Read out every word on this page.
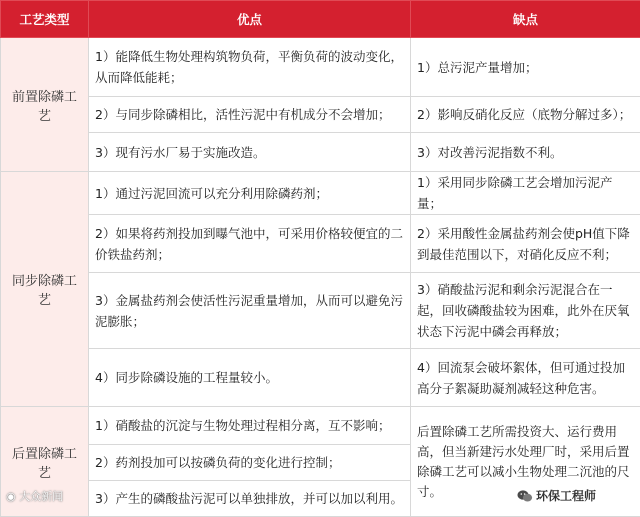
工艺类型	优点	缺点
前置除磷工艺	1）能降低生物处理构筑物负荷，平衡负荷的波动变化，从而降低能耗；	1）总污泥产量增加；
	2）与同步除磷相比，活性污泥中有机成分不会增加；	2）影响反硝化反应（底物分解过多）；
	3）现有污水厂易于实施改造。	3）对改善污泥指数不利。
同步除磷工艺	1）通过污泥回流可以充分利用除磷药剂；	1）采用同步除磷工艺会增加污泥产量；
	2）如果将药剂投加到曝气池中，可采用价格较便宜的二价铁盐药剂；	2）采用酸性金属盐药剂会使pH值下降到最佳范围以下，对硝化反应不利；
	3）金属盐药剂会使活性污泥重量增加，从而可以避免污泥膨胀；	3）硝酸盐污泥和剩余污泥混合在一起，回收磷酸盐较为困难，此外在厌氧状态下污泥中磷会再释放；
	4）同步除磷设施的工程量较小。	4）回流泵会破坏絮体，但可通过投加高分子絮凝助凝剂减轻这种危害。
后置除磷工艺	1）硝酸盐的沉淀与生物处理过程相分离，互不影响；	后置除磷工艺所需投资大、运行费用高，但当新建污水处理厂时，采用后置除磷工艺可以减小生物处理二沉池的尺寸。
	2）药剂投加可以按磷负荷的变化进行控制；	
	3）产生的磷酸盐污泥可以单独排放，并可以加以利用。	
◉ 大众新闻	环保工程师
